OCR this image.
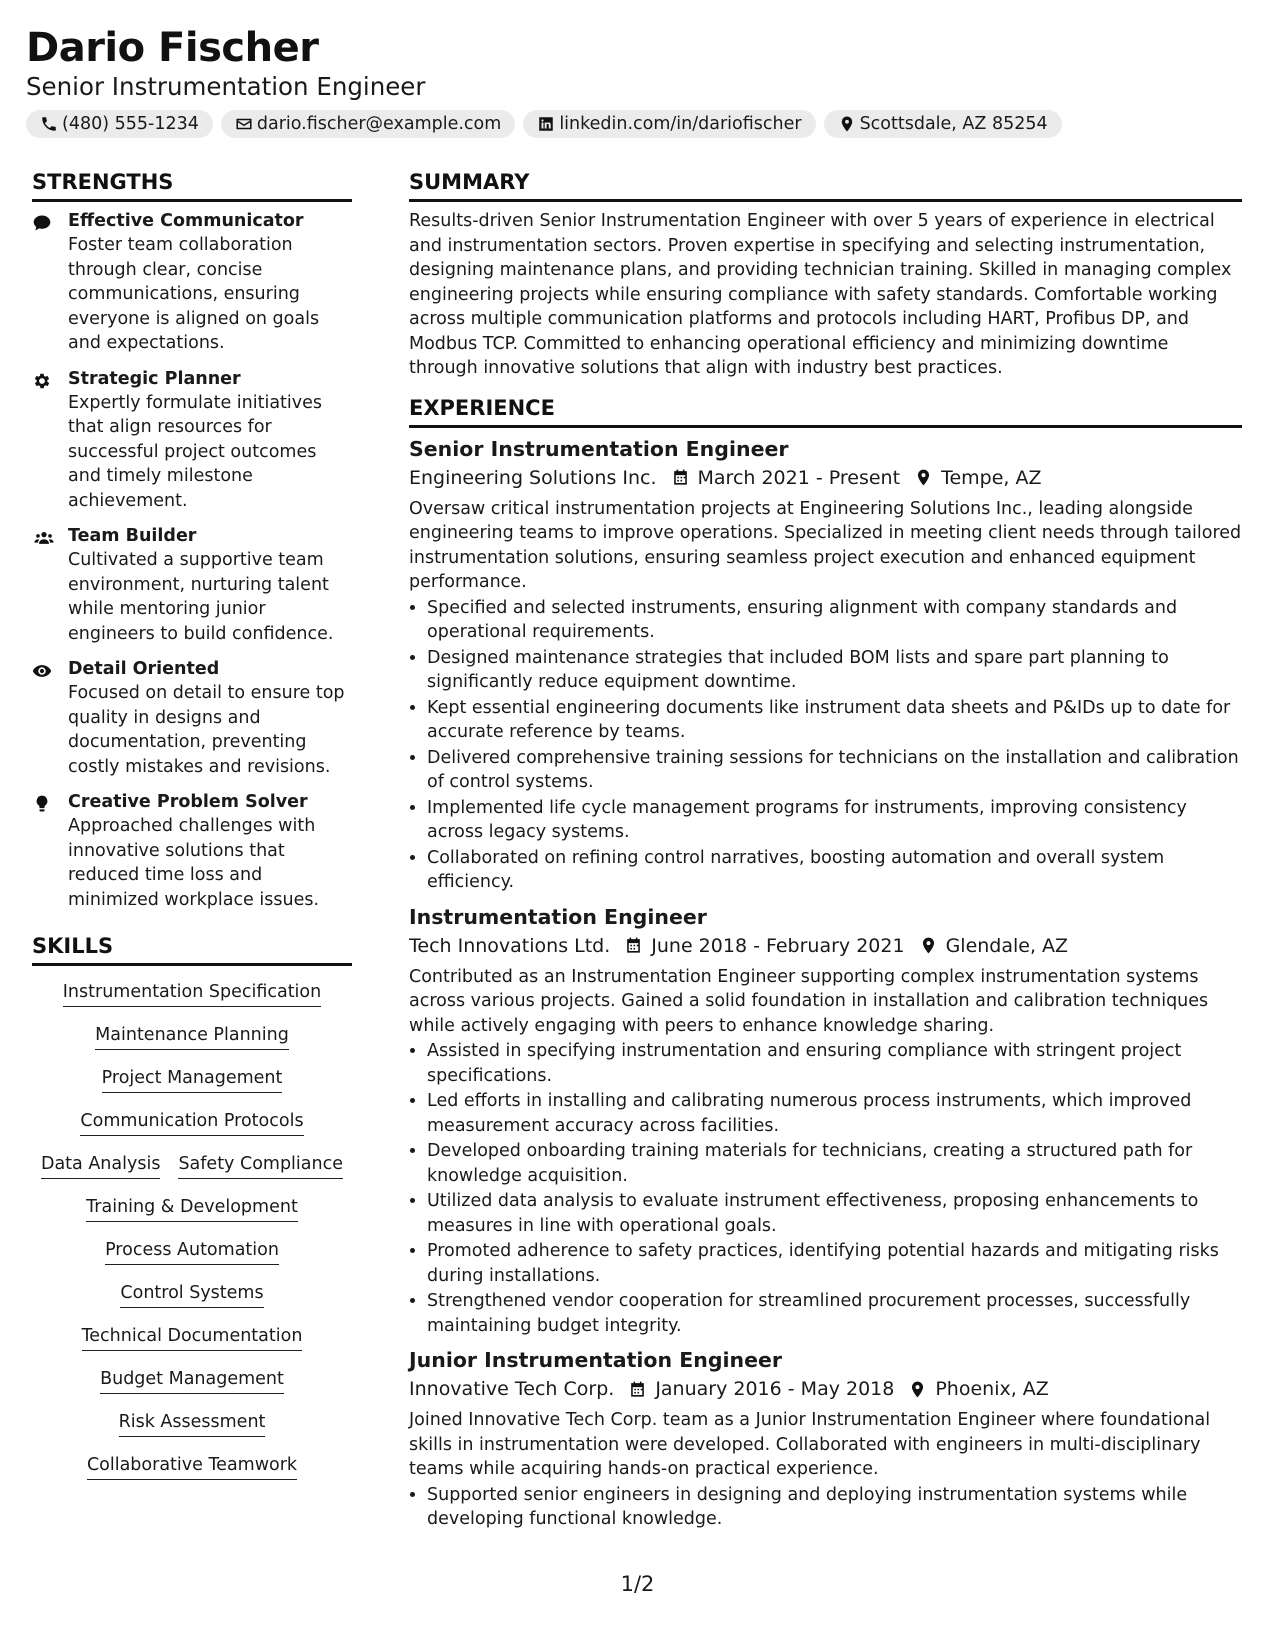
Dario Fischer
Senior Instrumentation Engineer
(480) 555-1234	dario.fischer@example.com	linkedin.com/in/dariofischer	Scottsdale, AZ 85254
STRENGTHS
Effective Communicator
Foster team collaboration through clear, concise communications, ensuring everyone is aligned on goals and expectations.
Strategic Planner
Expertly formulate initiatives that align resources for successful project outcomes and timely milestone achievement.
Team Builder
Cultivated a supportive team environment, nurturing talent while mentoring junior engineers to build confidence.
Detail Oriented
Focused on detail to ensure top quality in designs and documentation, preventing costly mistakes and revisions.
Creative Problem Solver
Approached challenges with innovative solutions that reduced time loss and minimized workplace issues.
SKILLS
Instrumentation Specification
Maintenance Planning
Project Management
Communication Protocols
Data Analysis Safety Compliance
Training & Development
Process Automation
Control Systems
Technical Documentation
Budget Management
Risk Assessment
Collaborative Teamwork
SUMMARY
Results-driven Senior Instrumentation Engineer with over 5 years of experience in electrical and instrumentation sectors. Proven expertise in specifying and selecting instrumentation, designing maintenance plans, and providing technician training. Skilled in managing complex engineering projects while ensuring compliance with safety standards. Comfortable working across multiple communication platforms and protocols including HART, Profibus DP, and Modbus TCP. Committed to enhancing operational efficiency and minimizing downtime through innovative solutions that align with industry best practices.
EXPERIENCE
Senior Instrumentation Engineer
Engineering Solutions Inc. March 2021 - Present Tempe, AZ
Oversaw critical instrumentation projects at Engineering Solutions Inc., leading alongside engineering teams to improve operations. Specialized in meeting client needs through tailored instrumentation solutions, ensuring seamless project execution and enhanced equipment performance.
• Specified and selected instruments, ensuring alignment with company standards and operational requirements.
• Designed maintenance strategies that included BOM lists and spare part planning to significantly reduce equipment downtime.
• Kept essential engineering documents like instrument data sheets and P&IDs up to date for accurate reference by teams.
• Delivered comprehensive training sessions for technicians on the installation and calibration of control systems.
• Implemented life cycle management programs for instruments, improving consistency across legacy systems.
• Collaborated on refining control narratives, boosting automation and overall system efficiency.
Instrumentation Engineer
Tech Innovations Ltd. June 2018 - February 2021 Glendale, AZ
Contributed as an Instrumentation Engineer supporting complex instrumentation systems across various projects. Gained a solid foundation in installation and calibration techniques while actively engaging with peers to enhance knowledge sharing.
• Assisted in specifying instrumentation and ensuring compliance with stringent project specifications.
• Led efforts in installing and calibrating numerous process instruments, which improved measurement accuracy across facilities.
• Developed onboarding training materials for technicians, creating a structured path for knowledge acquisition.
• Utilized data analysis to evaluate instrument effectiveness, proposing enhancements to measures in line with operational goals.
• Promoted adherence to safety practices, identifying potential hazards and mitigating risks during installations.
• Strengthened vendor cooperation for streamlined procurement processes, successfully maintaining budget integrity.
Junior Instrumentation Engineer
Innovative Tech Corp. January 2016 - May 2018 Phoenix, AZ
Joined Innovative Tech Corp. team as a Junior Instrumentation Engineer where foundational skills in instrumentation were developed. Collaborated with engineers in multi-disciplinary teams while acquiring hands-on practical experience.
• Supported senior engineers in designing and deploying instrumentation systems while developing functional knowledge.
1/2
